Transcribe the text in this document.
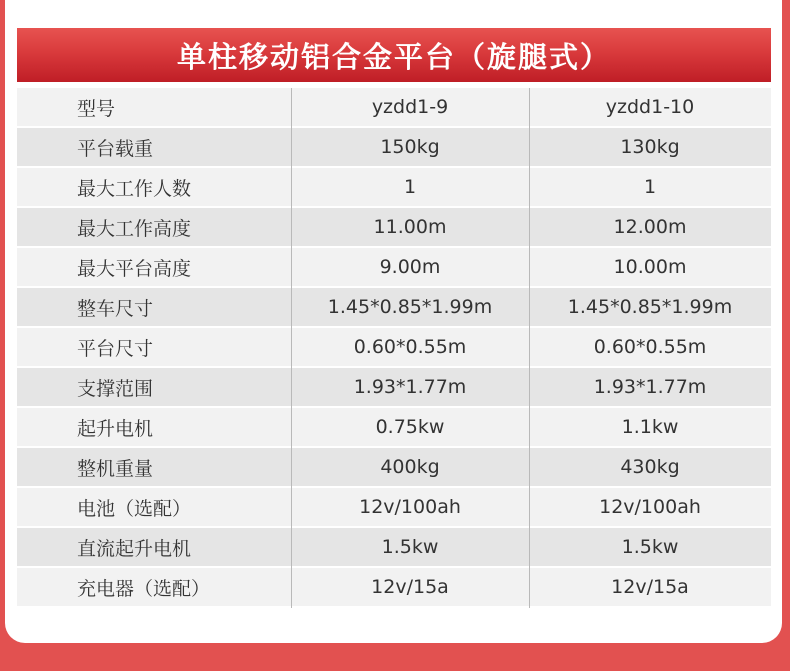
单柱移动铝合金平台（旋腿式）
型号	yzdd1-9	yzdd1-10
平台载重	150kg	130kg
最大工作人数	1	1
最大工作高度	11.00m	12.00m
最大平台高度	9.00m	10.00m
整车尺寸	1.45*0.85*1.99m	1.45*0.85*1.99m
平台尺寸	0.60*0.55m	0.60*0.55m
支撑范围	1.93*1.77m	1.93*1.77m
起升电机	0.75kw	1.1kw
整机重量	400kg	430kg
电池（选配）	12v/100ah	12v/100ah
直流起升电机	1.5kw	1.5kw
充电器（选配）	12v/15a	12v/15a
